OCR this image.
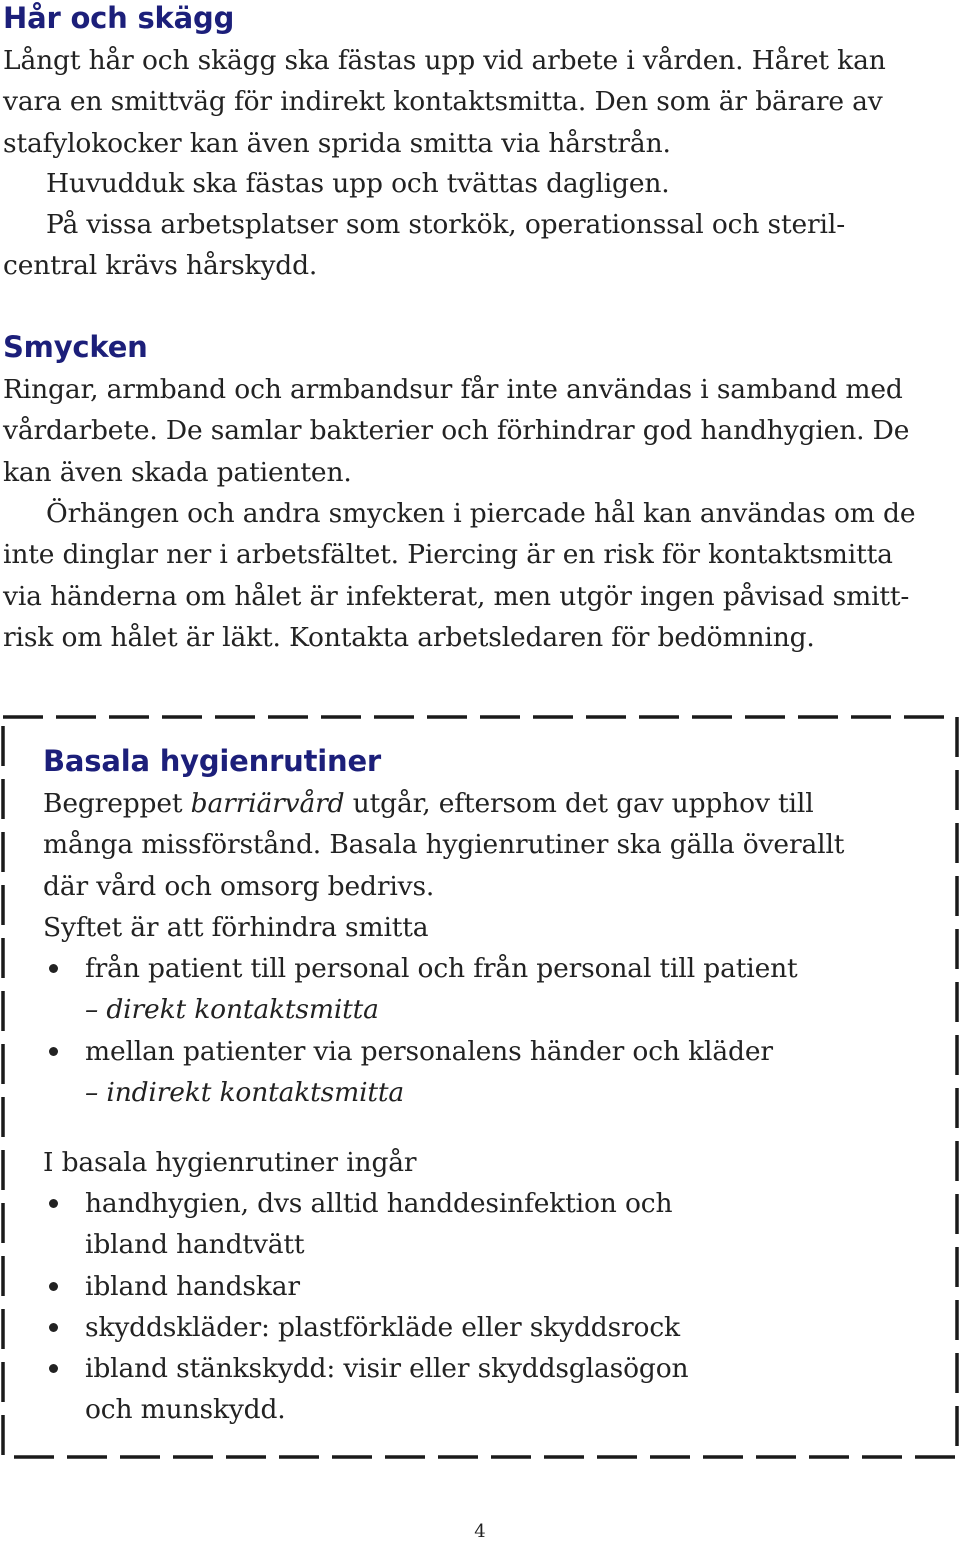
Hår och skägg

Långt hår och skägg ska fästas upp vid arbete i vården. Håret kan
vara en smittväg för indirekt kontaktsmitta. Den som är bärare av
stafylokocker kan även sprida smitta via hårstrån.

Huvudduk ska fästas upp och tvättas dagligen.

På vissa arbetsplatser som storkök, operationssal och steril-
central krävs hårskydd.

Smycken

Ringar, armband och armbandsur får inte användas i samband med
vårdarbete. De samlar bakterier och förhindrar god handhygien. De
kan även skada patienten.

Örhängen och andra smycken i piercade hål kan användas om de
inte dinglar ner i arbetsfältet. Piercing är en risk för kontaktsmitta
via händerna om hålet är infekterat, men utgör ingen påvisad smitt-
risk om hålet är läkt. Kontakta arbetsledaren för bedömning.

Basala hygienrutiner

Begreppet barriärvård utgår, eftersom det gav upphov till
många missförstånd. Basala hygienrutiner ska gälla överallt
där vård och omsorg bedrivs.

Syftet är att förhindra smitta

från patient till personal och från personal till patient
– direkt kontaktsmitta
mellan patienter via personalens händer och kläder
– indirekt kontaktsmitta

I basala hygienrutiner ingår

handhygien, dvs alltid handdesinfektion och
ibland handtvätt
ibland handskar
skyddskläder: plastförkläde eller skyddsrock
ibland stänkskydd: visir eller skyddsglasögon
och munskydd.

4
